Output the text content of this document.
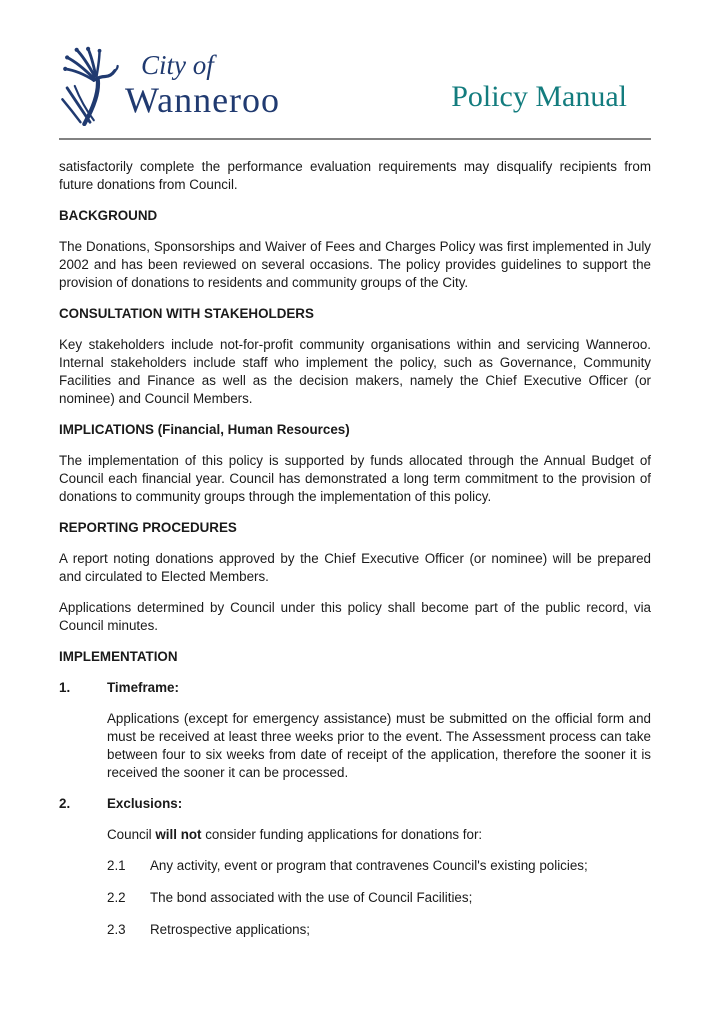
City of
Wanneroo	Policy Manual

satisfactorily complete the performance evaluation requirements may disqualify recipients from future donations from Council.

BACKGROUND

The Donations, Sponsorships and Waiver of Fees and Charges Policy was first implemented in July 2002 and has been reviewed on several occasions. The policy provides guidelines to support the provision of donations to residents and community groups of the City.

CONSULTATION WITH STAKEHOLDERS

Key stakeholders include not-for-profit community organisations within and servicing Wanneroo. Internal stakeholders include staff who implement the policy, such as Governance, Community Facilities and Finance as well as the decision makers, namely the Chief Executive Officer (or nominee) and Council Members.

IMPLICATIONS (Financial, Human Resources)

The implementation of this policy is supported by funds allocated through the Annual Budget of Council each financial year. Council has demonstrated a long term commitment to the provision of donations to community groups through the implementation of this policy.

REPORTING PROCEDURES

A report noting donations approved by the Chief Executive Officer (or nominee) will be prepared and circulated to Elected Members.

Applications determined by Council under this policy shall become part of the public record, via Council minutes.

IMPLEMENTATION

1.	Timeframe:

Applications (except for emergency assistance) must be submitted on the official form and must be received at least three weeks prior to the event. The Assessment process can take between four to six weeks from date of receipt of the application, therefore the sooner it is received the sooner it can be processed.

2.	Exclusions:

Council will not consider funding applications for donations for:

2.1	Any activity, event or program that contravenes Council's existing policies;
2.2	The bond associated with the use of Council Facilities;
2.3	Retrospective applications;
